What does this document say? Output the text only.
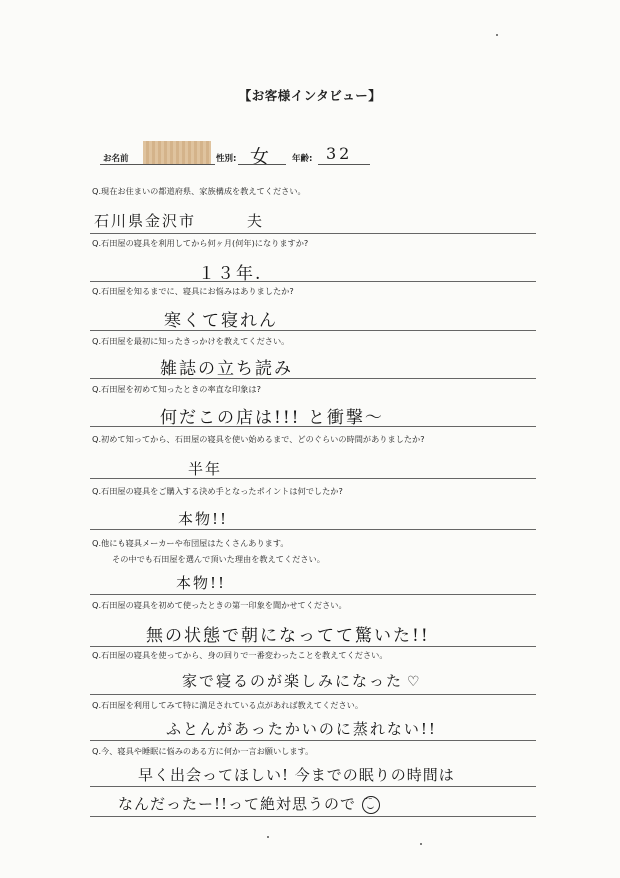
【お客様インタビュー】
お名前	性別: 女	年齢: 32
Q.現在お住まいの都道府県、家族構成を教えてください。
石川県金沢市　　　夫
Q.石田屋の寝具を利用してから何ヶ月(何年)になりますか?
１３年.
Q.石田屋を知るまでに、寝具にお悩みはありましたか?
寒くて寝れん
Q.石田屋を最初に知ったきっかけを教えてください。
雑誌の立ち読み
Q.石田屋を初めて知ったときの率直な印象は?
何だこの店は!!! と衝撃〜
Q.初めて知ってから、石田屋の寝具を使い始めるまで、どのぐらいの時間がありましたか?
半年
Q.石田屋の寝具をご購入する決め手となったポイントは何でしたか?
本物!!
Q.他にも寝具メーカーや布団屋はたくさんあります。
その中でも石田屋を選んで頂いた理由を教えてください。
本物!!
Q.石田屋の寝具を初めて使ったときの第一印象を聞かせてください。
無の状態で朝になってて驚いた!!
Q.石田屋の寝具を使ってから、身の回りで一番変わったことを教えてください。
家で寝るのが楽しみになった ♡
Q.石田屋を利用してみて特に満足されている点があれば教えてください。
ふとんがあったかいのに蒸れない!!
Q.今、寝具や睡眠に悩みのある方に何か一言お願いします。
早く出会ってほしい! 今までの眠りの時間は
なんだったー!!って絶対思うのでｰｰ
